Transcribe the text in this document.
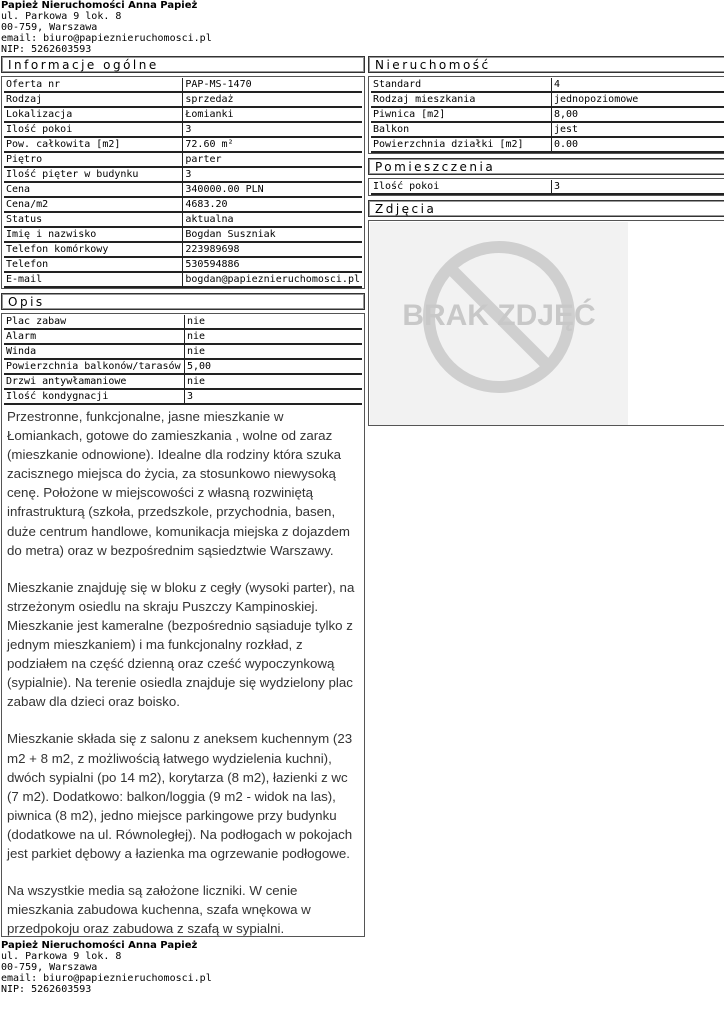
Papież Nieruchomości Anna Papież
ul. Parkowa 9 lok. 8
00-759, Warszawa
email: biuro@papieznieruchomosci.pl
NIP: 5262603593
Informacje ogólne
Oferta nr	PAP-MS-1470
Rodzaj	sprzedaż
Lokalizacja	Łomianki
Ilość pokoi	3
Pow. całkowita [m2]	72.60 m²
Piętro	parter
Ilość pięter w budynku	3
Cena	340000.00 PLN
Cena/m2	4683.20
Status	aktualna
Imię i nazwisko	Bogdan Suszniak
Telefon komórkowy	223989698
Telefon	530594886
E-mail	bogdan@papieznieruchomosci.pl
Opis
Plac zabaw	nie
Alarm	nie
Winda	nie
Powierzchnia balkonów/tarasów	5,00
Drzwi antywłamaniowe	nie
Ilość kondygnacji	3

Przestronne, funkcjonalne, jasne mieszkanie w Łomiankach, gotowe do zamieszkania , wolne od zaraz (mieszkanie odnowione). Idealne dla rodziny która szuka zacisznego miejsca do życia, za stosunkowo niewysoką cenę. Położone w miejscowości z własną rozwiniętą infrastrukturą (szkoła, przedszkole, przychodnia, basen, duże centrum handlowe, komunikacja miejska z dojazdem do metra) oraz w bezpośrednim sąsiedztwie Warszawy.

Mieszkanie znajduję się w bloku z cegły (wysoki parter), na strzeżonym osiedlu na skraju Puszczy Kampinoskiej. Mieszkanie jest kameralne (bezpośrednio sąsiaduje tylko z jednym mieszkaniem) i ma funkcjonalny rozkład, z podziałem na część dzienną oraz cześć wypoczynkową (sypialnie). Na terenie osiedla znajduje się wydzielony plac zabaw dla dzieci oraz boisko.

Mieszkanie składa się z salonu z aneksem kuchennym (23 m2 + 8 m2, z możliwością łatwego wydzielenia kuchni), dwóch sypialni (po 14 m2), korytarza (8 m2), łazienki z wc (7 m2). Dodatkowo: balkon/loggia (9 m2 - widok na las), piwnica (8 m2), jedno miejsce parkingowe przy budynku (dodatkowe na ul. Równoległej). Na podłogach w pokojach jest parkiet dębowy a łazienka ma ogrzewanie podłogowe.

Na wszystkie media są założone liczniki. W cenie mieszkania zabudowa kuchenna, szafa wnękowa w przedpokoju oraz zabudowa z szafą w sypialni.

Nieruchomość
Standard	4
Rodzaj mieszkania	jednopoziomowe
Piwnica [m2]	8,00
Balkon	jest
Powierzchnia działki [m2]	0.00
Pomieszczenia
Ilość pokoi	3
Zdjęcia
BRAK ZDJĘĆ
Papież Nieruchomości Anna Papież
ul. Parkowa 9 lok. 8
00-759, Warszawa
email: biuro@papieznieruchomosci.pl
NIP: 5262603593
